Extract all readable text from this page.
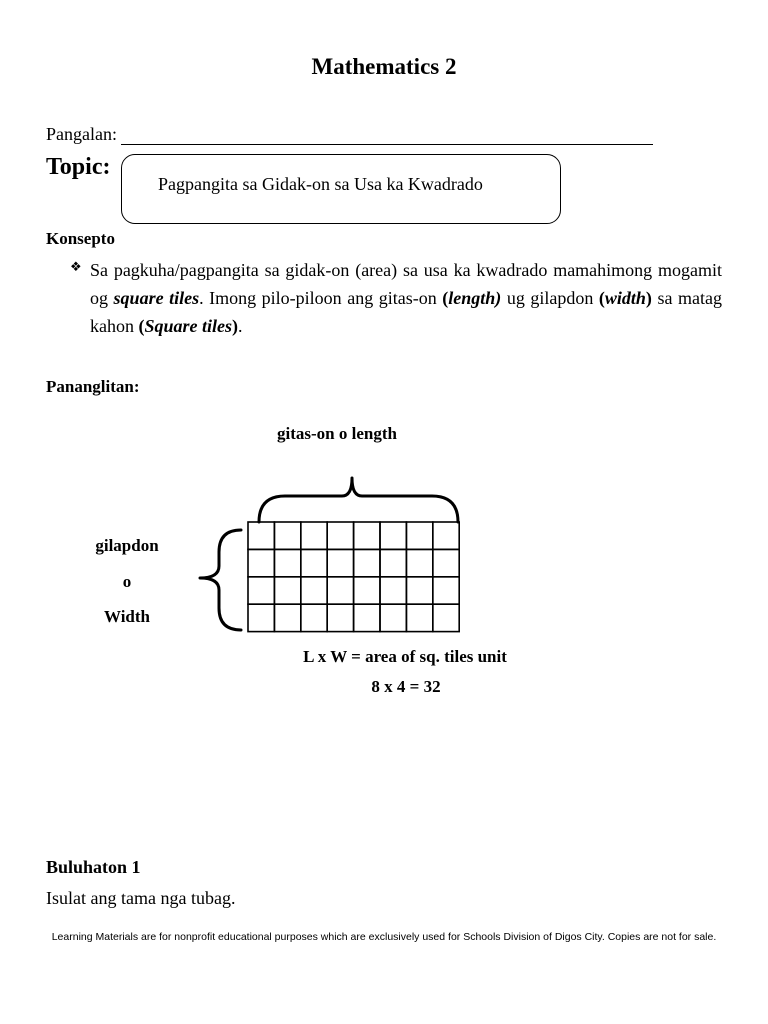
Mathematics 2
Pangalan:
Topic:
Pagpangita sa Gidak-on sa Usa ka Kwadrado
Konsepto
❖ Sa pagkuha/pagpangita sa gidak-on (area) sa usa ka kwadrado mamahimong mogamit og square tiles. Imong pilo-piloon ang gitas-on (length) ug gilapdon (width) sa matag kahon (Square tiles).
Pananglitan:
gitas-on o length
gilapdon
o
Width
L x W = area of sq. tiles unit
8 x 4 = 32
Buluhaton 1
Isulat ang tama nga tubag.
Learning Materials are for nonprofit educational purposes which are exclusively used for Schools Division of Digos City. Copies are not for sale.
